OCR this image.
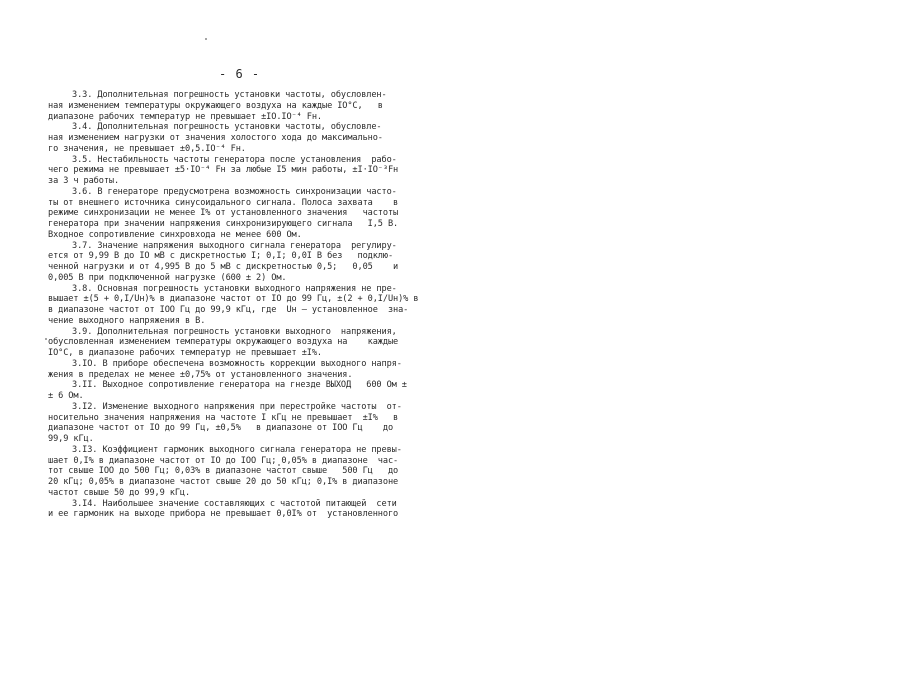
- 6 -
3.3. Дополнительная погрешность установки частоты, обусловлен-
ная изменением температуры окружающего воздуха на каждые IO°C,   в
диапазоне рабочих температур не превышает ±IO.IO⁻⁴ Fн.
3.4. Дополнительная погрешность установки частоты, обусловле-
ная изменением нагрузки от значения холостого хода до максимально-
го значения, не превышает ±0,5.IO⁻⁴ Fн.
3.5. Нестабильность частоты генератора после установления  рабо-
чего режима не превышает ±5·IO⁻⁴ Fн за любые I5 мин работы, ±I·IO⁻³Fн
за 3 ч работы.
3.6. В генераторе предусмотрена возможность синхронизации часто-
ты от внешнего источника синусоидального сигнала. Полоса захвата    в
режиме синхронизации не менее I% от установленного значения   частоты
генератора при значении напряжения синхронизирующего сигнала   I,5 В.
Входное сопротивление синхровхода не менее 600 Ом.
3.7. Значение напряжения выходного сигнала генератора  регулиру-
ется от 9,99 В до IO мВ с дискретностью I; 0,I; 0,0I В без   подклю-
ченной нагрузки и от 4,995 В до 5 мВ с дискретностью 0,5;   0,05    и
0,005 В при подключенной нагрузке (600 ± 2) Ом.
3.8. Основная погрешность установки выходного напряжения не пре-
вышает ±(5 + 0,I/Uн)% в диапазоне частот от IO до 99 Гц, ±(2 + 0,I/Uн)% в
в диапазоне частот от IOO Гц до 99,9 кГц, где  Uн – установленное  зна-
чение выходного напряжения в В.
3.9. Дополнительная погрешность установки выходного  напряжения,
обусловленная изменением температуры окружающего воздуха на    каждые
IO°C, в диапазоне рабочих температур не превышает ±I%.
3.IO. В приборе обеспечена возможность коррекции выходного напря-
жения в пределах не менее ±0,75% от установленного значения.
3.II. Выходное сопротивление генератора на гнезде ВЫХОД   600 Ом ±
± 6 Ом.
3.I2. Изменение выходного напряжения при перестройке частоты  от-
носительно значения напряжения на частоте I кГц не превышает  ±I%   в
диапазоне частот от IO до 99 Гц, ±0,5%   в диапазоне от IOO Гц    до
99,9 кГц.
3.I3. Коэффициент гармоник выходного сигнала генератора не превы-
шает 0,I% в диапазоне частот от IO до IOO Гц; 0,05% в диапазоне  час-
тот свыше IOO до 500 Гц; 0,03% в диапазоне частот свыше   500 Гц   до
20 кГц; 0,05% в диапазоне частот свыше 20 до 50 кГц; 0,I% в диапазоне
частот свыше 50 до 99,9 кГц.
3.I4. Наибольшее значение составляющих с частотой питающей  сети
и ее гармоник на выходе прибора не превышает 0,0I% от  установленного
